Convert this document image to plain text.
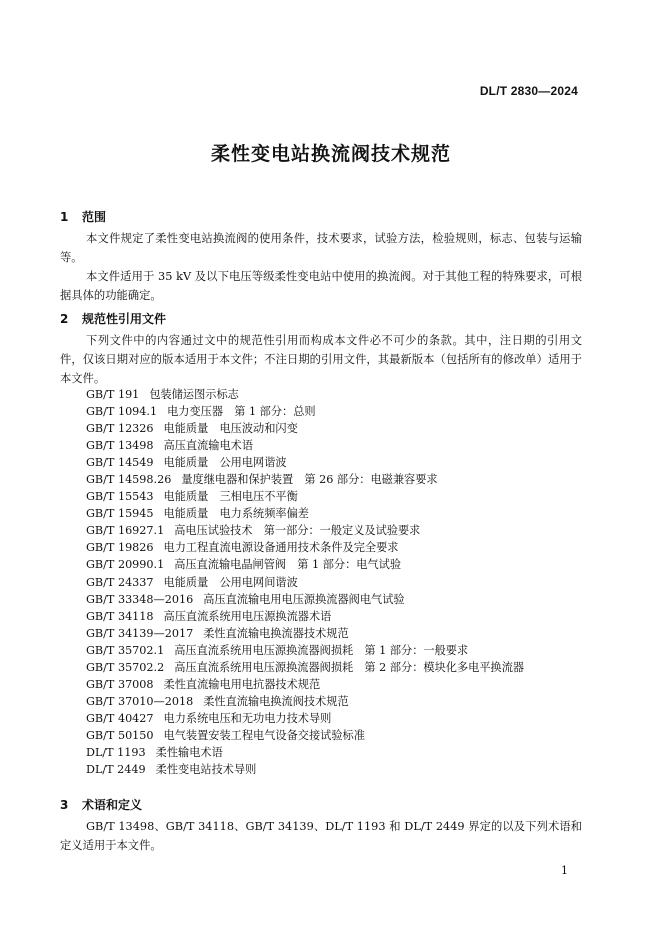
DL/T 2830—2024
柔性变电站换流阀技术规范
1 范围
本文件规定了柔性变电站换流阀的使用条件，技术要求，试验方法，检验规则，标志、包装与运输等。
本文件适用于 35 kV 及以下电压等级柔性变电站中使用的换流阀。对于其他工程的特殊要求，可根据具体的功能确定。
2 规范性引用文件
下列文件中的内容通过文中的规范性引用而构成本文件必不可少的条款。其中，注日期的引用文件，仅该日期对应的版本适用于本文件；不注日期的引用文件，其最新版本（包括所有的修改单）适用于本文件。
GB/T 191 包装储运图示标志
GB/T 1094.1 电力变压器　第 1 部分：总则
GB/T 12326 电能质量　电压波动和闪变
GB/T 13498 高压直流输电术语
GB/T 14549 电能质量　公用电网谐波
GB/T 14598.26 量度继电器和保护装置　第 26 部分：电磁兼容要求
GB/T 15543 电能质量　三相电压不平衡
GB/T 15945 电能质量　电力系统频率偏差
GB/T 16927.1 高电压试验技术　第一部分：一般定义及试验要求
GB/T 19826 电力工程直流电源设备通用技术条件及完全要求
GB/T 20990.1 高压直流输电晶闸管阀　第 1 部分：电气试验
GB/T 24337 电能质量　公用电网间谐波
GB/T 33348—2016 高压直流输电用电压源换流器阀电气试验
GB/T 34118 高压直流系统用电压源换流器术语
GB/T 34139—2017 柔性直流输电换流器技术规范
GB/T 35702.1 高压直流系统用电压源换流器阀损耗　第 1 部分：一般要求
GB/T 35702.2 高压直流系统用电压源换流器阀损耗　第 2 部分：模块化多电平换流器
GB/T 37008 柔性直流输电用电抗器技术规范
GB/T 37010—2018 柔性直流输电换流阀技术规范
GB/T 40427 电力系统电压和无功电力技术导则
GB/T 50150 电气装置安装工程电气设备交接试验标准
DL/T 1193 柔性输电术语
DL/T 2449 柔性变电站技术导则
3 术语和定义
GB/T 13498、GB/T 34118、GB/T 34139、DL/T 1193 和 DL/T 2449 界定的以及下列术语和定义适用于本文件。
1
